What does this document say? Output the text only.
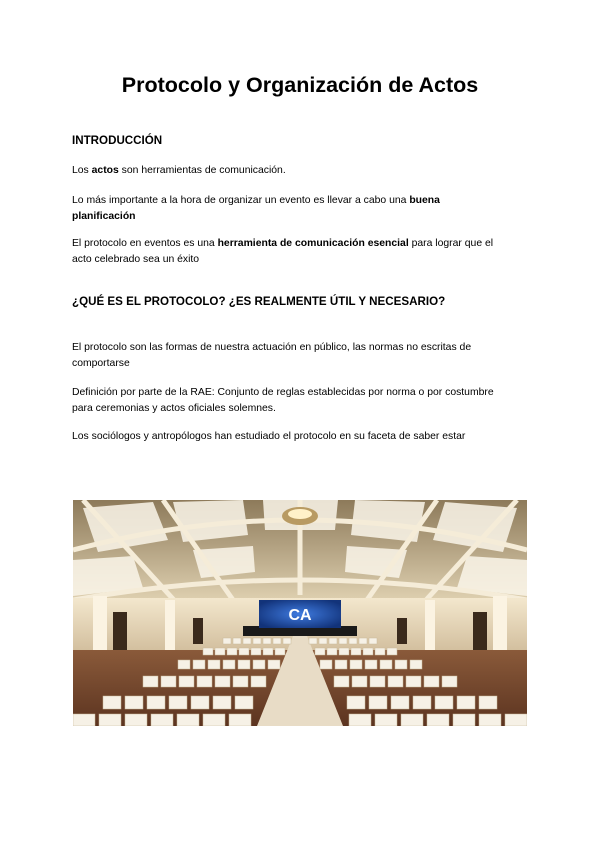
Protocolo y Organización de Actos
INTRODUCCIÓN
Los actos son herramientas de comunicación.
Lo más importante a la hora de organizar un evento es llevar a cabo una buena
planificación
El protocolo en eventos es una herramienta de comunicación esencial para lograr que el
acto celebrado sea un éxito
¿QUÉ ES EL PROTOCOLO? ¿ES REALMENTE ÚTIL Y NECESARIO?
El protocolo son las formas de nuestra actuación en público, las normas no escritas de
comportarse
Definición por parte de la RAE: Conjunto de reglas establecidas por norma o por costumbre
para ceremonias y actos oficiales solemnes.
Los sociólogos y antropólogos han estudiado el protocolo en su faceta de saber estar
CA
